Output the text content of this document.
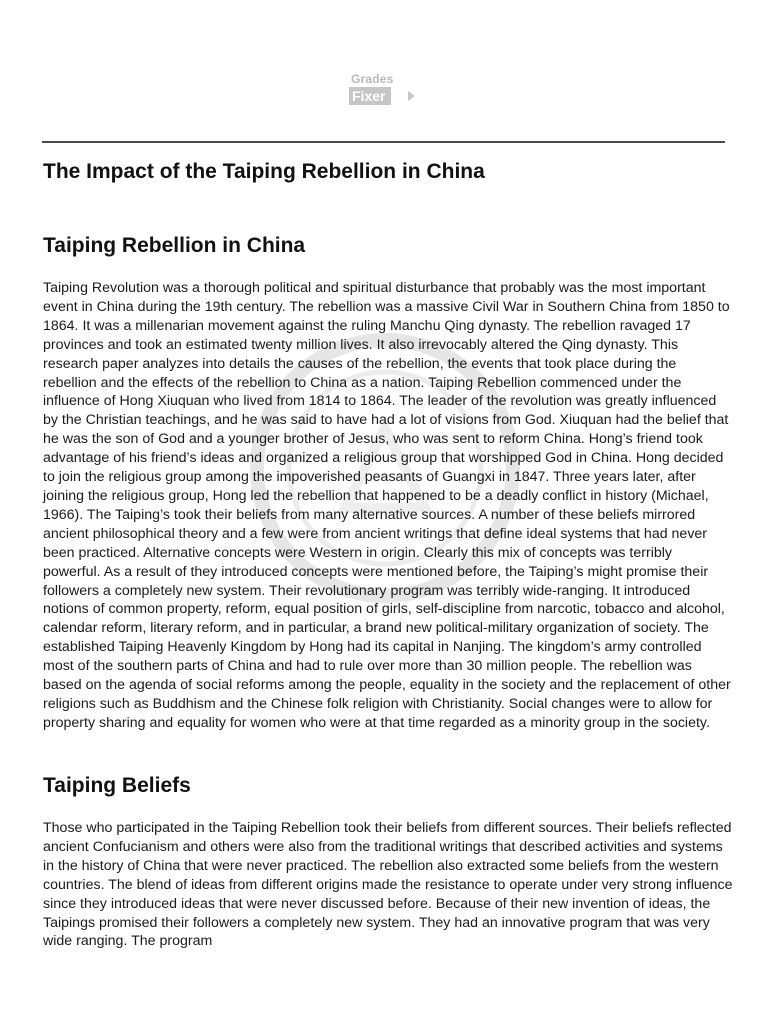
Grades
Fixer
The Impact of the Taiping Rebellion in China
Taiping Rebellion in China

Taiping Revolution was a thorough political and spiritual disturbance that probably was the most important event in China during the 19th century. The rebellion was a massive Civil War in Southern China from 1850 to 1864. It was a millenarian movement against the ruling Manchu Qing dynasty. The rebellion ravaged 17 provinces and took an estimated twenty million lives. It also irrevocably altered the Qing dynasty. This research paper analyzes into details the causes of the rebellion, the events that took place during the rebellion and the effects of the rebellion to China as a nation. Taiping Rebellion commenced under the influence of Hong Xiuquan who lived from 1814 to 1864. The leader of the revolution was greatly influenced by the Christian teachings, and he was said to have had a lot of visions from God. Xiuquan had the belief that he was the son of God and a younger brother of Jesus, who was sent to reform China. Hong’s friend took advantage of his friend’s ideas and organized a religious group that worshipped God in China. Hong decided to join the religious group among the impoverished peasants of Guangxi in 1847. Three years later, after joining the religious group, Hong led the rebellion that happened to be a deadly conflict in history (Michael, 1966). The Taiping’s took their beliefs from many alternative sources. A number of these beliefs mirrored ancient philosophical theory and a few were from ancient writings that define ideal systems that had never been practiced. Alternative concepts were Western in origin. Clearly this mix of concepts was terribly powerful. As a result of they introduced concepts were mentioned before, the Taiping’s might promise their followers a completely new system. Their revolutionary program was terribly wide-ranging. It introduced notions of common property, reform, equal position of girls, self-discipline from narcotic, tobacco and alcohol, calendar reform, literary reform, and in particular, a brand new political-military organization of society. The established Taiping Heavenly Kingdom by Hong had its capital in Nanjing. The kingdom’s army controlled most of the southern parts of China and had to rule over more than 30 million people. The rebellion was based on the agenda of social reforms among the people, equality in the society and the replacement of other religions such as Buddhism and the Chinese folk religion with Christianity. Social changes were to allow for property sharing and equality for women who were at that time regarded as a minority group in the society.

Taiping Beliefs

Those who participated in the Taiping Rebellion took their beliefs from different sources. Their beliefs reflected ancient Confucianism and others were also from the traditional writings that described activities and systems in the history of China that were never practiced. The rebellion also extracted some beliefs from the western countries. The blend of ideas from different origins made the resistance to operate under very strong influence since they introduced ideas that were never discussed before. Because of their new invention of ideas, the Taipings promised their followers a completely new system. They had an innovative program that was very wide ranging. The program
